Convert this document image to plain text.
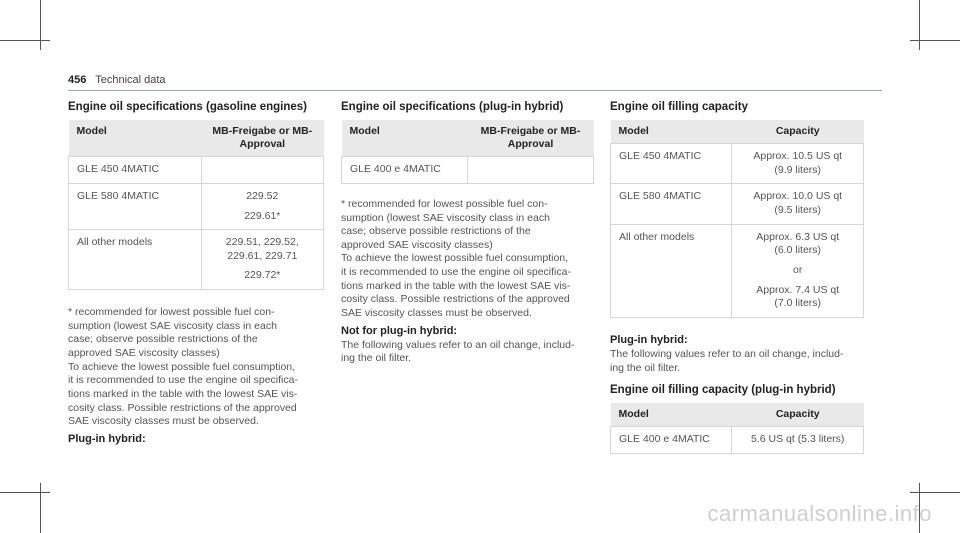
456 Technical data
Engine oil specifications (gasoline engines)
Model	MB-Freigabe or MB-
Approval

GLE 450 4MATIC	
GLE 580 4MATIC	229.52
229.61*

All other models	229.51, 229.52,
229.61, 229.71
229.72*
* recommended for lowest possible fuel con-
sumption (lowest SAE viscosity class in each
case; observe possible restrictions of the
approved SAE viscosity classes)
To achieve the lowest possible fuel consumption,
it is recommended to use the engine oil specifica-
tions marked in the table with the lowest SAE vis-
cosity class. Possible restrictions of the approved
SAE viscosity classes must be observed.
Plug-in hybrid:
Engine oil specifications (plug-in hybrid)
Model	MB-Freigabe or MB-
Approval

GLE 400 e 4MATIC	
* recommended for lowest possible fuel con-
sumption (lowest SAE viscosity class in each
case; observe possible restrictions of the
approved SAE viscosity classes)
To achieve the lowest possible fuel consumption,
it is recommended to use the engine oil specifica-
tions marked in the table with the lowest SAE vis-
cosity class. Possible restrictions of the approved
SAE viscosity classes must be observed.
Not for plug-in hybrid:
The following values refer to an oil change, includ-
ing the oil filter.
Engine oil filling capacity
Model	Capacity
GLE 450 4MATIC	Approx. 10.5 US qt
(9.9 liters)

GLE 580 4MATIC	Approx. 10.0 US qt
(9.5 liters)

All other models	Approx. 6.3 US qt
(6.0 liters)
or
Approx. 7.4 US qt
(7.0 liters)
Plug-in hybrid:
The following values refer to an oil change, includ-
ing the oil filter.
Engine oil filling capacity (plug-in hybrid)
Model	Capacity
GLE 400 e 4MATIC	5.6 US qt (5.3 liters)
carmanualsonline.info
